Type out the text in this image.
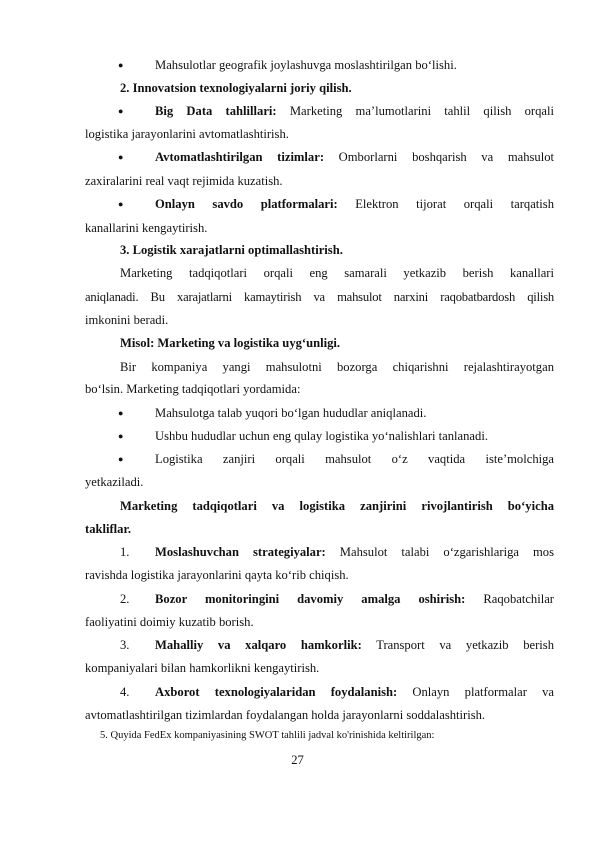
●	Mahsulotlar geografik joylashuvga moslashtirilgan bo‘lishi.
2. Innovatsion texnologiyalarni joriy qilish.
●	Big Data tahlillari: Marketing ma’lumotlarini tahlil qilish orqali
logistika jarayonlarini avtomatlashtirish.
●	Avtomatlashtirilgan tizimlar: Omborlarni boshqarish va mahsulot
zaxiralarini real vaqt rejimida kuzatish.
●	Onlayn savdo platformalari: Elektron tijorat orqali tarqatish
kanallarini kengaytirish.
3. Logistik xarajatlarni optimallashtirish.
Marketing tadqiqotlari orqali eng samarali yetkazib berish kanallari
aniqlanadi. Bu xarajatlarni kamaytirish va mahsulot narxini raqobatbardosh qilish
imkonini beradi.
Misol: Marketing va logistika uyg‘unligi.
Bir kompaniya yangi mahsulotni bozorga chiqarishni rejalashtirayotgan
bo‘lsin. Marketing tadqiqotlari yordamida:
●	Mahsulotga talab yuqori bo‘lgan hududlar aniqlanadi.
●	Ushbu hududlar uchun eng qulay logistika yo‘nalishlari tanlanadi.
●	Logistika zanjiri orqali mahsulot o‘z vaqtida iste’molchiga
yetkaziladi.
Marketing tadqiqotlari va logistika zanjirini rivojlantirish bo‘yicha
takliflar.
1. Moslashuvchan strategiyalar: Mahsulot talabi o‘zgarishlariga mos
ravishda logistika jarayonlarini qayta ko‘rib chiqish.
2. Bozor monitoringini davomiy amalga oshirish: Raqobatchilar
faoliyatini doimiy kuzatib borish.
3. Mahalliy va xalqaro hamkorlik: Transport va yetkazib berish
kompaniyalari bilan hamkorlikni kengaytirish.
4. Axborot texnologiyalaridan foydalanish: Onlayn platformalar va
avtomatlashtirilgan tizimlardan foydalangan holda jarayonlarni soddalashtirish.
5. Quyida FedEx kompaniyasining SWOT tahlili jadval ko'rinishida keltirilgan:
27
